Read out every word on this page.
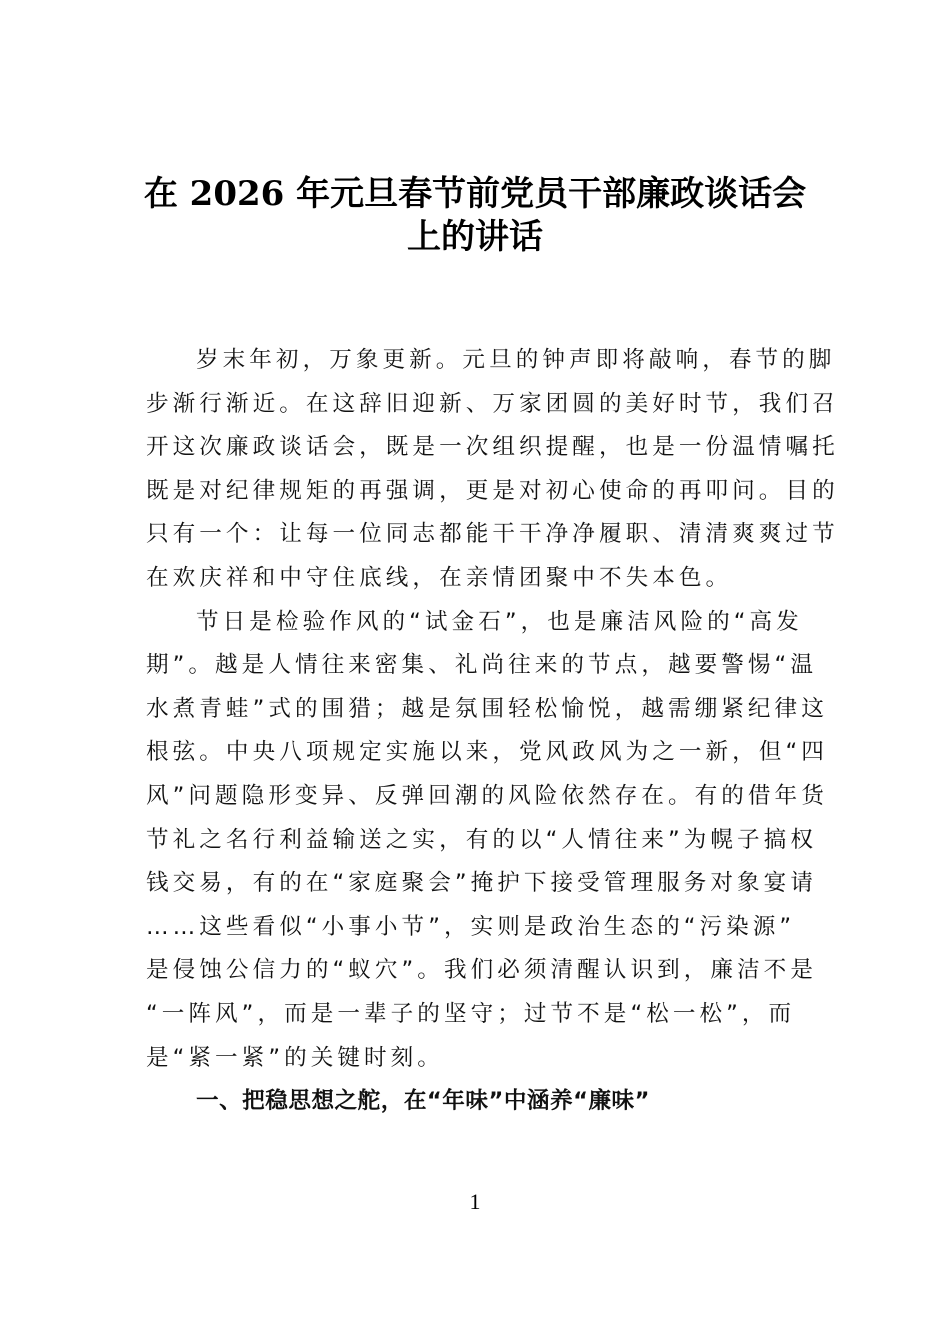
在 2026 年元旦春节前党员干部廉政谈话会
上的讲话
岁末年初，万象更新。元旦的钟声即将敲响，春节的脚
步渐行渐近。在这辞旧迎新、万家团圆的美好时节，我们召
开这次廉政谈话会，既是一次组织提醒，也是一份温情嘱托
既是对纪律规矩的再强调，更是对初心使命的再叩问。目的
只有一个：让每一位同志都能干干净净履职、清清爽爽过节
在欢庆祥和中守住底线，在亲情团聚中不失本色。
节日是检验作风的“试金石”，也是廉洁风险的“高发
期”。越是人情往来密集、礼尚往来的节点，越要警惕“温
水煮青蛙”式的围猎；越是氛围轻松愉悦，越需绷紧纪律这
根弦。中央八项规定实施以来，党风政风为之一新，但“四
风”问题隐形变异、反弹回潮的风险依然存在。有的借年货
节礼之名行利益输送之实，有的以“人情往来”为幌子搞权
钱交易，有的在“家庭聚会”掩护下接受管理服务对象宴请
……这些看似“小事小节”，实则是政治生态的“污染源”
是侵蚀公信力的“蚁穴”。我们必须清醒认识到，廉洁不是
“一阵风”，而是一辈子的坚守；过节不是“松一松”，而
是“紧一紧”的关键时刻。
一、把稳思想之舵，在“年味”中涵养“廉味”
1
